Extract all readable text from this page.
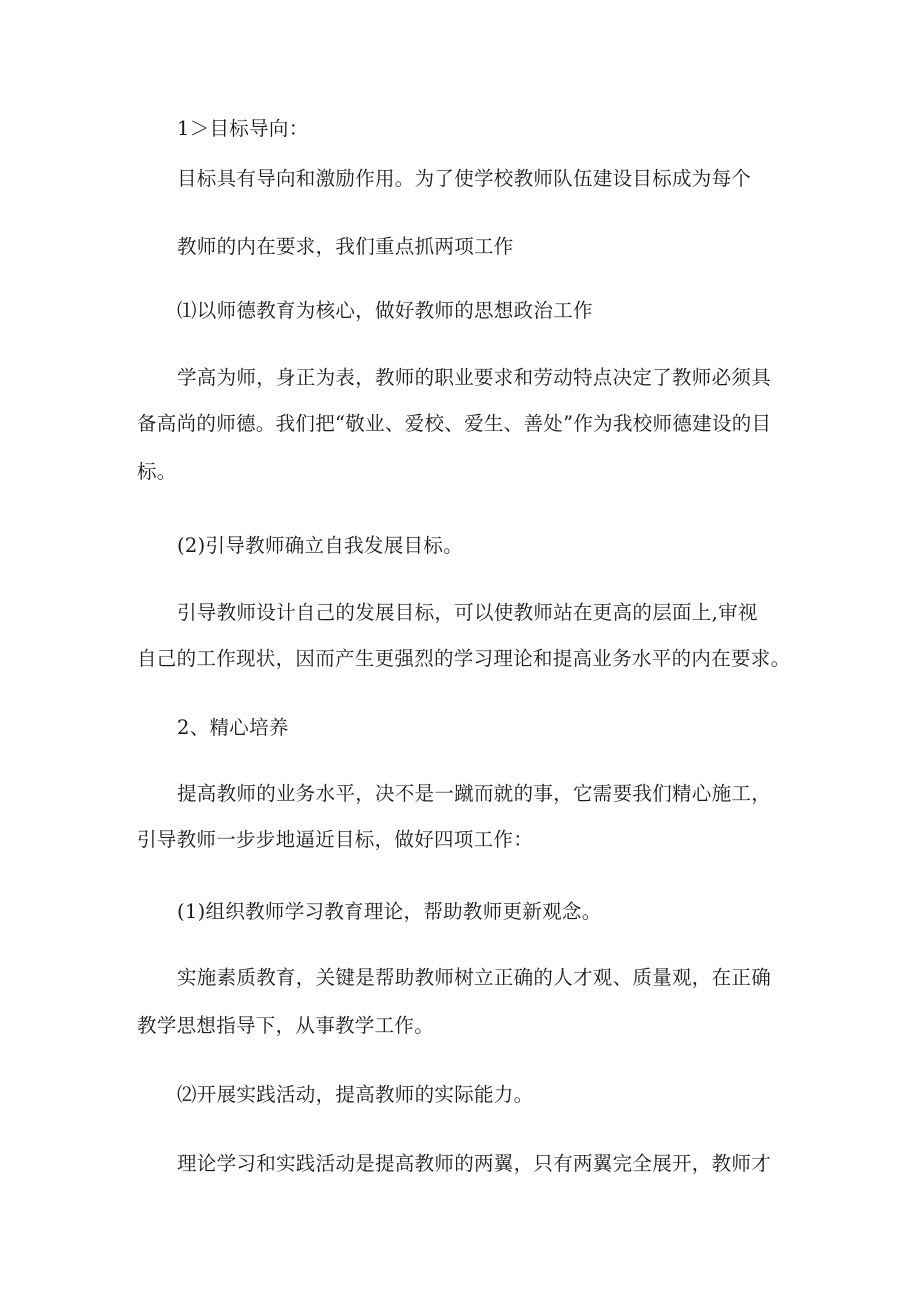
1＞目标导向：
目标具有导向和激励作用。为了使学校教师队伍建设目标成为每个
教师的内在要求，我们重点抓两项工作
⑴以师德教育为核心，做好教师的思想政治工作
学高为师，身正为表，教师的职业要求和劳动特点决定了教师必须具
备高尚的师德。我们把“敬业、爱校、爱生、善处”作为我校师德建设的目
标。
(2)引导教师确立自我发展目标。
引导教师设计自己的发展目标，可以使教师站在更高的层面上,审视
自己的工作现状，因而产生更强烈的学习理论和提高业务水平的内在要求。
2、精心培养
提高教师的业务水平，决不是一蹴而就的事，它需要我们精心施工，
引导教师一步步地逼近目标，做好四项工作：
(1)组织教师学习教育理论，帮助教师更新观念。
实施素质教育，关键是帮助教师树立正确的人才观、质量观，在正确
教学思想指导下，从事教学工作。
⑵开展实践活动，提高教师的实际能力。
理论学习和实践活动是提高教师的两翼，只有两翼完全展开，教师才
